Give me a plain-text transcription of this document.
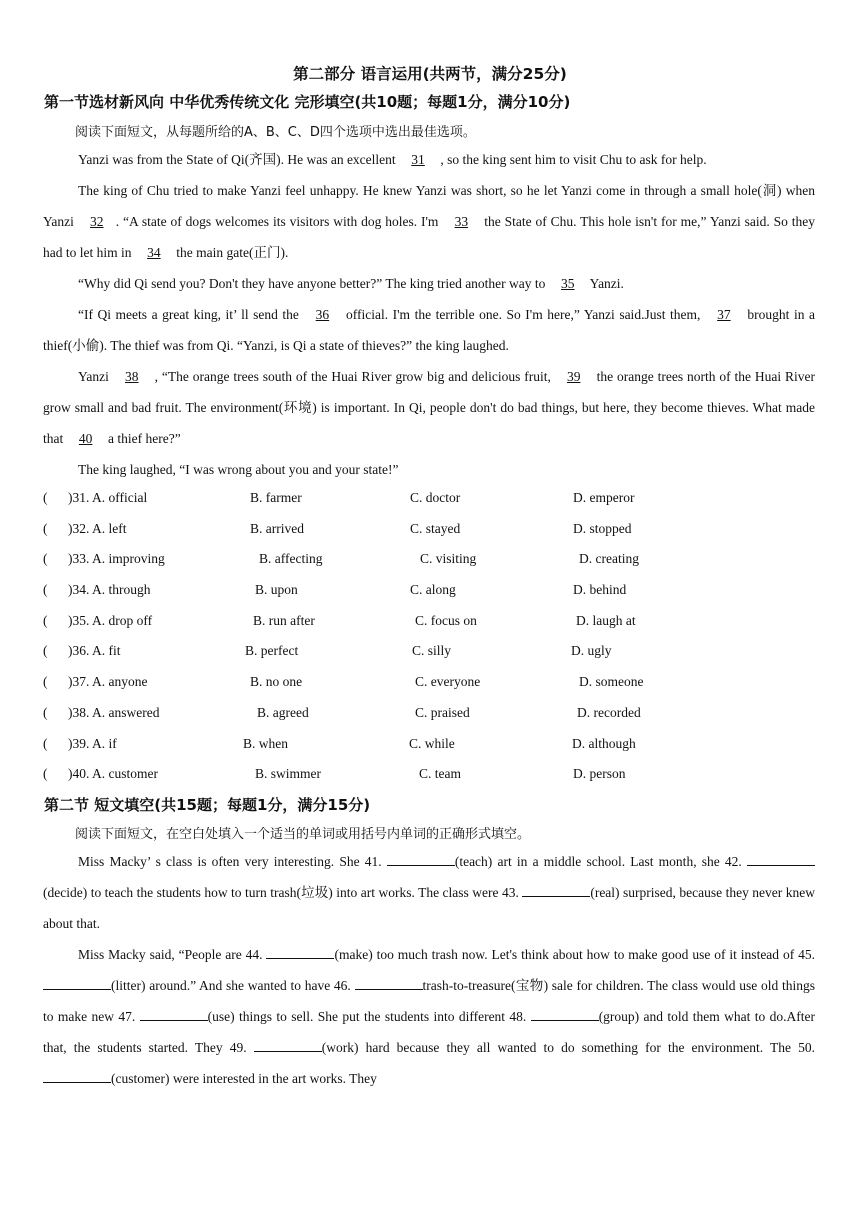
第二部分 语言运用(共两节，满分25分)
第一节选材新风向 中华优秀传统文化 完形填空(共10题；每题1分，满分10分)
阅读下面短文，从每题所给的A、B、C、D四个选项中选出最佳选项。

Yanzi was from the State of Qi(齐国). He was an excellent 31 , so the king sent him to visit Chu to ask for help.

The king of Chu tried to make Yanzi feel unhappy. He knew Yanzi was short, so he let Yanzi come in through a small hole(洞) when Yanzi 32 . “A state of dogs welcomes its visitors with dog holes. I'm 33 the State of Chu. This hole isn't for me,” Yanzi said. So they had to let him in 34 the main gate(正门).

“Why did Qi send you? Don't they have anyone better?” The king tried another way to 35 Yanzi.

“If Qi meets a great king, it’ ll send the 36 official. I'm the terrible one. So I'm here,” Yanzi said.Just them, 37 brought in a thief(小偷). The thief was from Qi. “Yanzi, is Qi a state of thieves?” the king laughed.

Yanzi 38 , “The orange trees south of the Huai River grow big and delicious fruit, 39 the orange trees north of the Huai River grow small and bad fruit. The environment(环境) is important. In Qi, people don't do bad things, but here, they become thieves. What made that 40 a thief here?”

The king laughed, “I was wrong about you and your state!”

( )31. A. official	B. farmer	C. doctor	D. emperor
( )32. A. left	B. arrived	C. stayed	D. stopped
( )33. A. improving	B. affecting	C. visiting	D. creating
( )34. A. through	B. upon	C. along	D. behind
( )35. A. drop off	B. run after	C. focus on	D. laugh at
( )36. A. fit	B. perfect	C. silly	D. ugly
( )37. A. anyone	B. no one	C. everyone	D. someone
( )38. A. answered	B. agreed	C. praised	D. recorded
( )39. A. if	B. when	C. while	D. although
( )40. A. customer	B. swimmer	C. team	D. person
第二节 短文填空(共15题；每题1分，满分15分)
阅读下面短文，在空白处填入一个适当的单词或用括号内单词的正确形式填空。

Miss Macky’ s class is often very interesting. She 41.	(teach) art in a middle school. Last month, she 42. (decide) to teach the students how to turn trash(垃圾) into art works. The class were 43.	(real) surprised, because they never knew about that.

Miss Macky said, “People are 44.	(make) too much trash now. Let's think about how to make good use of it instead of 45. (litter) around.” And she wanted to have 46.	trash-to-treasure(宝物) sale for children. The class would use old things to make new 47.	(use) things to sell. She put the students into different 48.	(group) and told them what to do.After that, the students started. They 49.	(work) hard because they all wanted to do something for the environment. The 50. (customer) were interested in the art works. They
